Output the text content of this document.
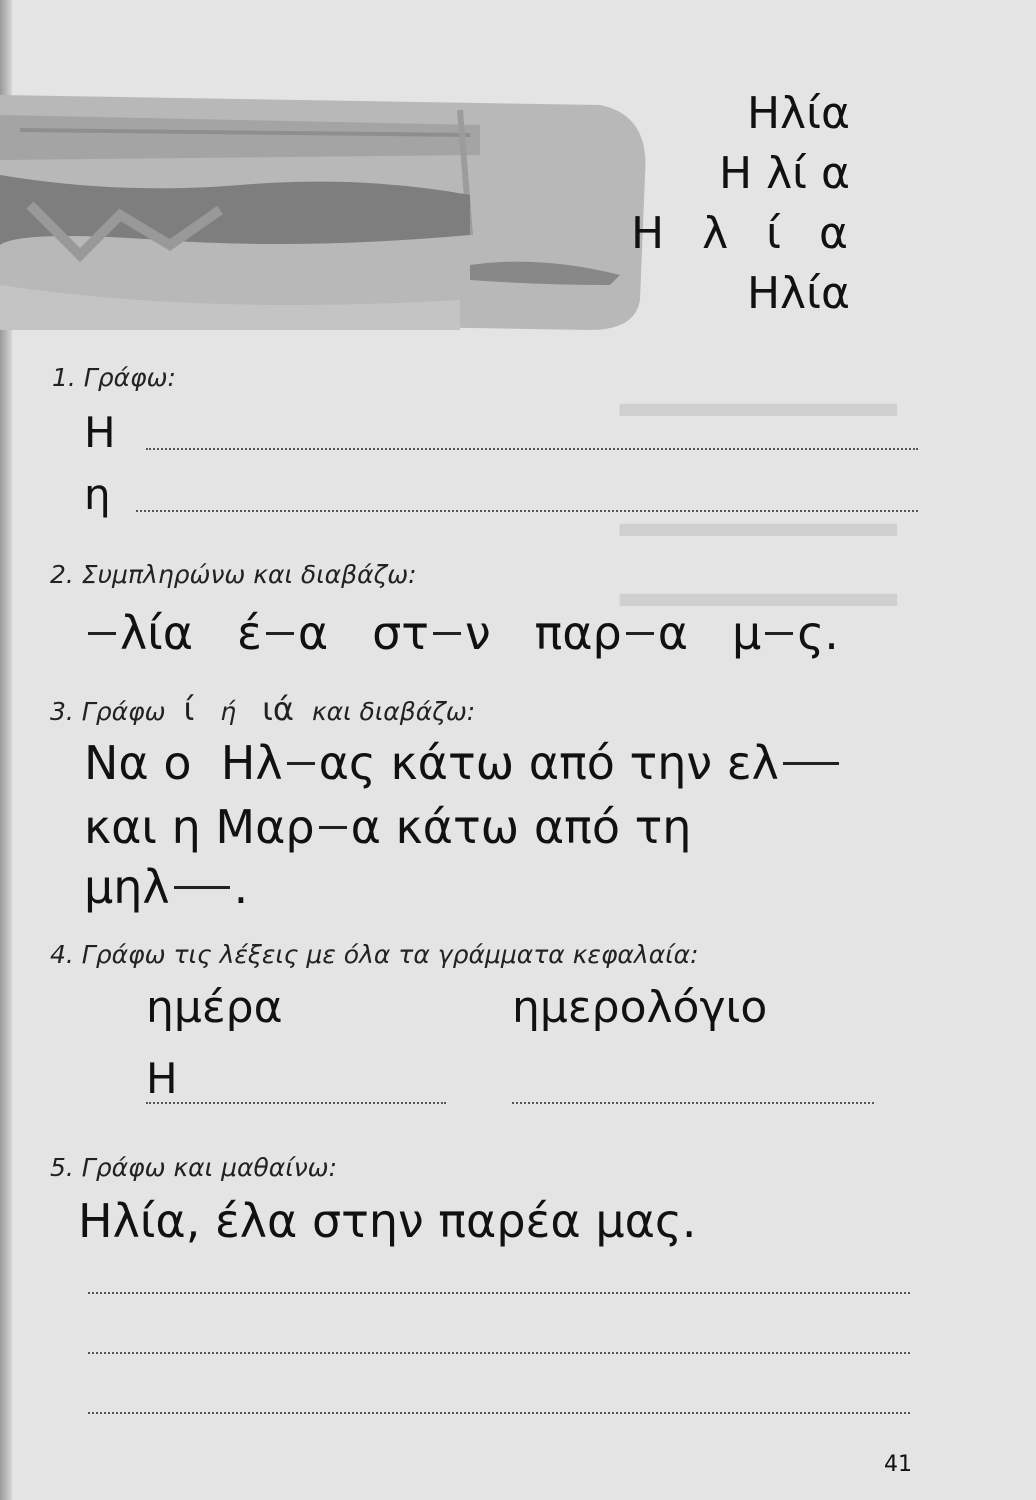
▂▂▂▂▂▂▂▂▂
▂▂▂▂▂▂▂▂▂
▂▂▂▂▂▂▂▂▂
Ηλία
Η λί α
Η λ ί α
Ηλία
1. Γράφω:
Η
η
2. Συμπληρώνω και διαβάζω:
λία έ α στ ν παρ α μ ς.
3. Γράφω ί ή ιά και διαβάζω:
Να ο Ηλ ας κάτω από την ελ
και η Μαρ α κάτω από τη
μηλ .
4. Γράφω τις λέξεις με όλα τα γράμματα κεφαλαία:
ημέρα	ημερολόγιο
Η
5. Γράφω και μαθαίνω:
Ηλία, έλα στην παρέα μας.
41
